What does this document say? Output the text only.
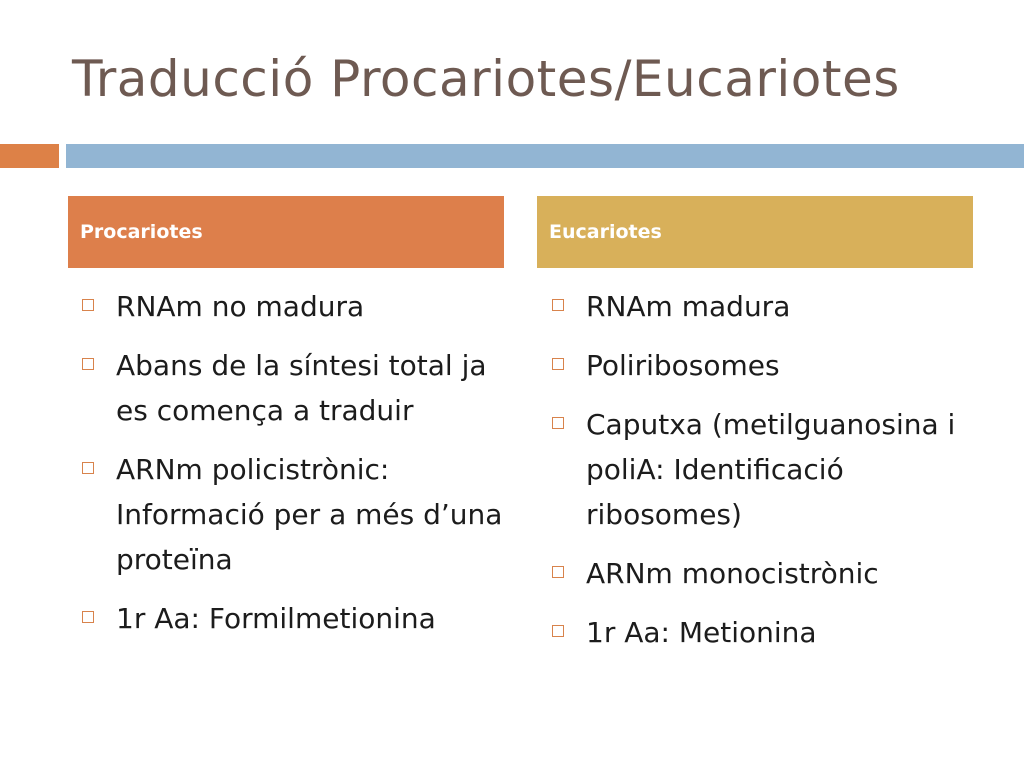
Traducció Procariotes/Eucariotes
Procariotes	Eucariotes
RNAm no madura
Abans de la síntesi total ja es comença a traduir
ARNm policistrònic: Informació per a més d’una proteïna
1r Aa: Formilmetionina
RNAm madura
Poliribosomes
Caputxa (metilguanosina i poliA: Identificació ribosomes)
ARNm monocistrònic
1r Aa: Metionina
